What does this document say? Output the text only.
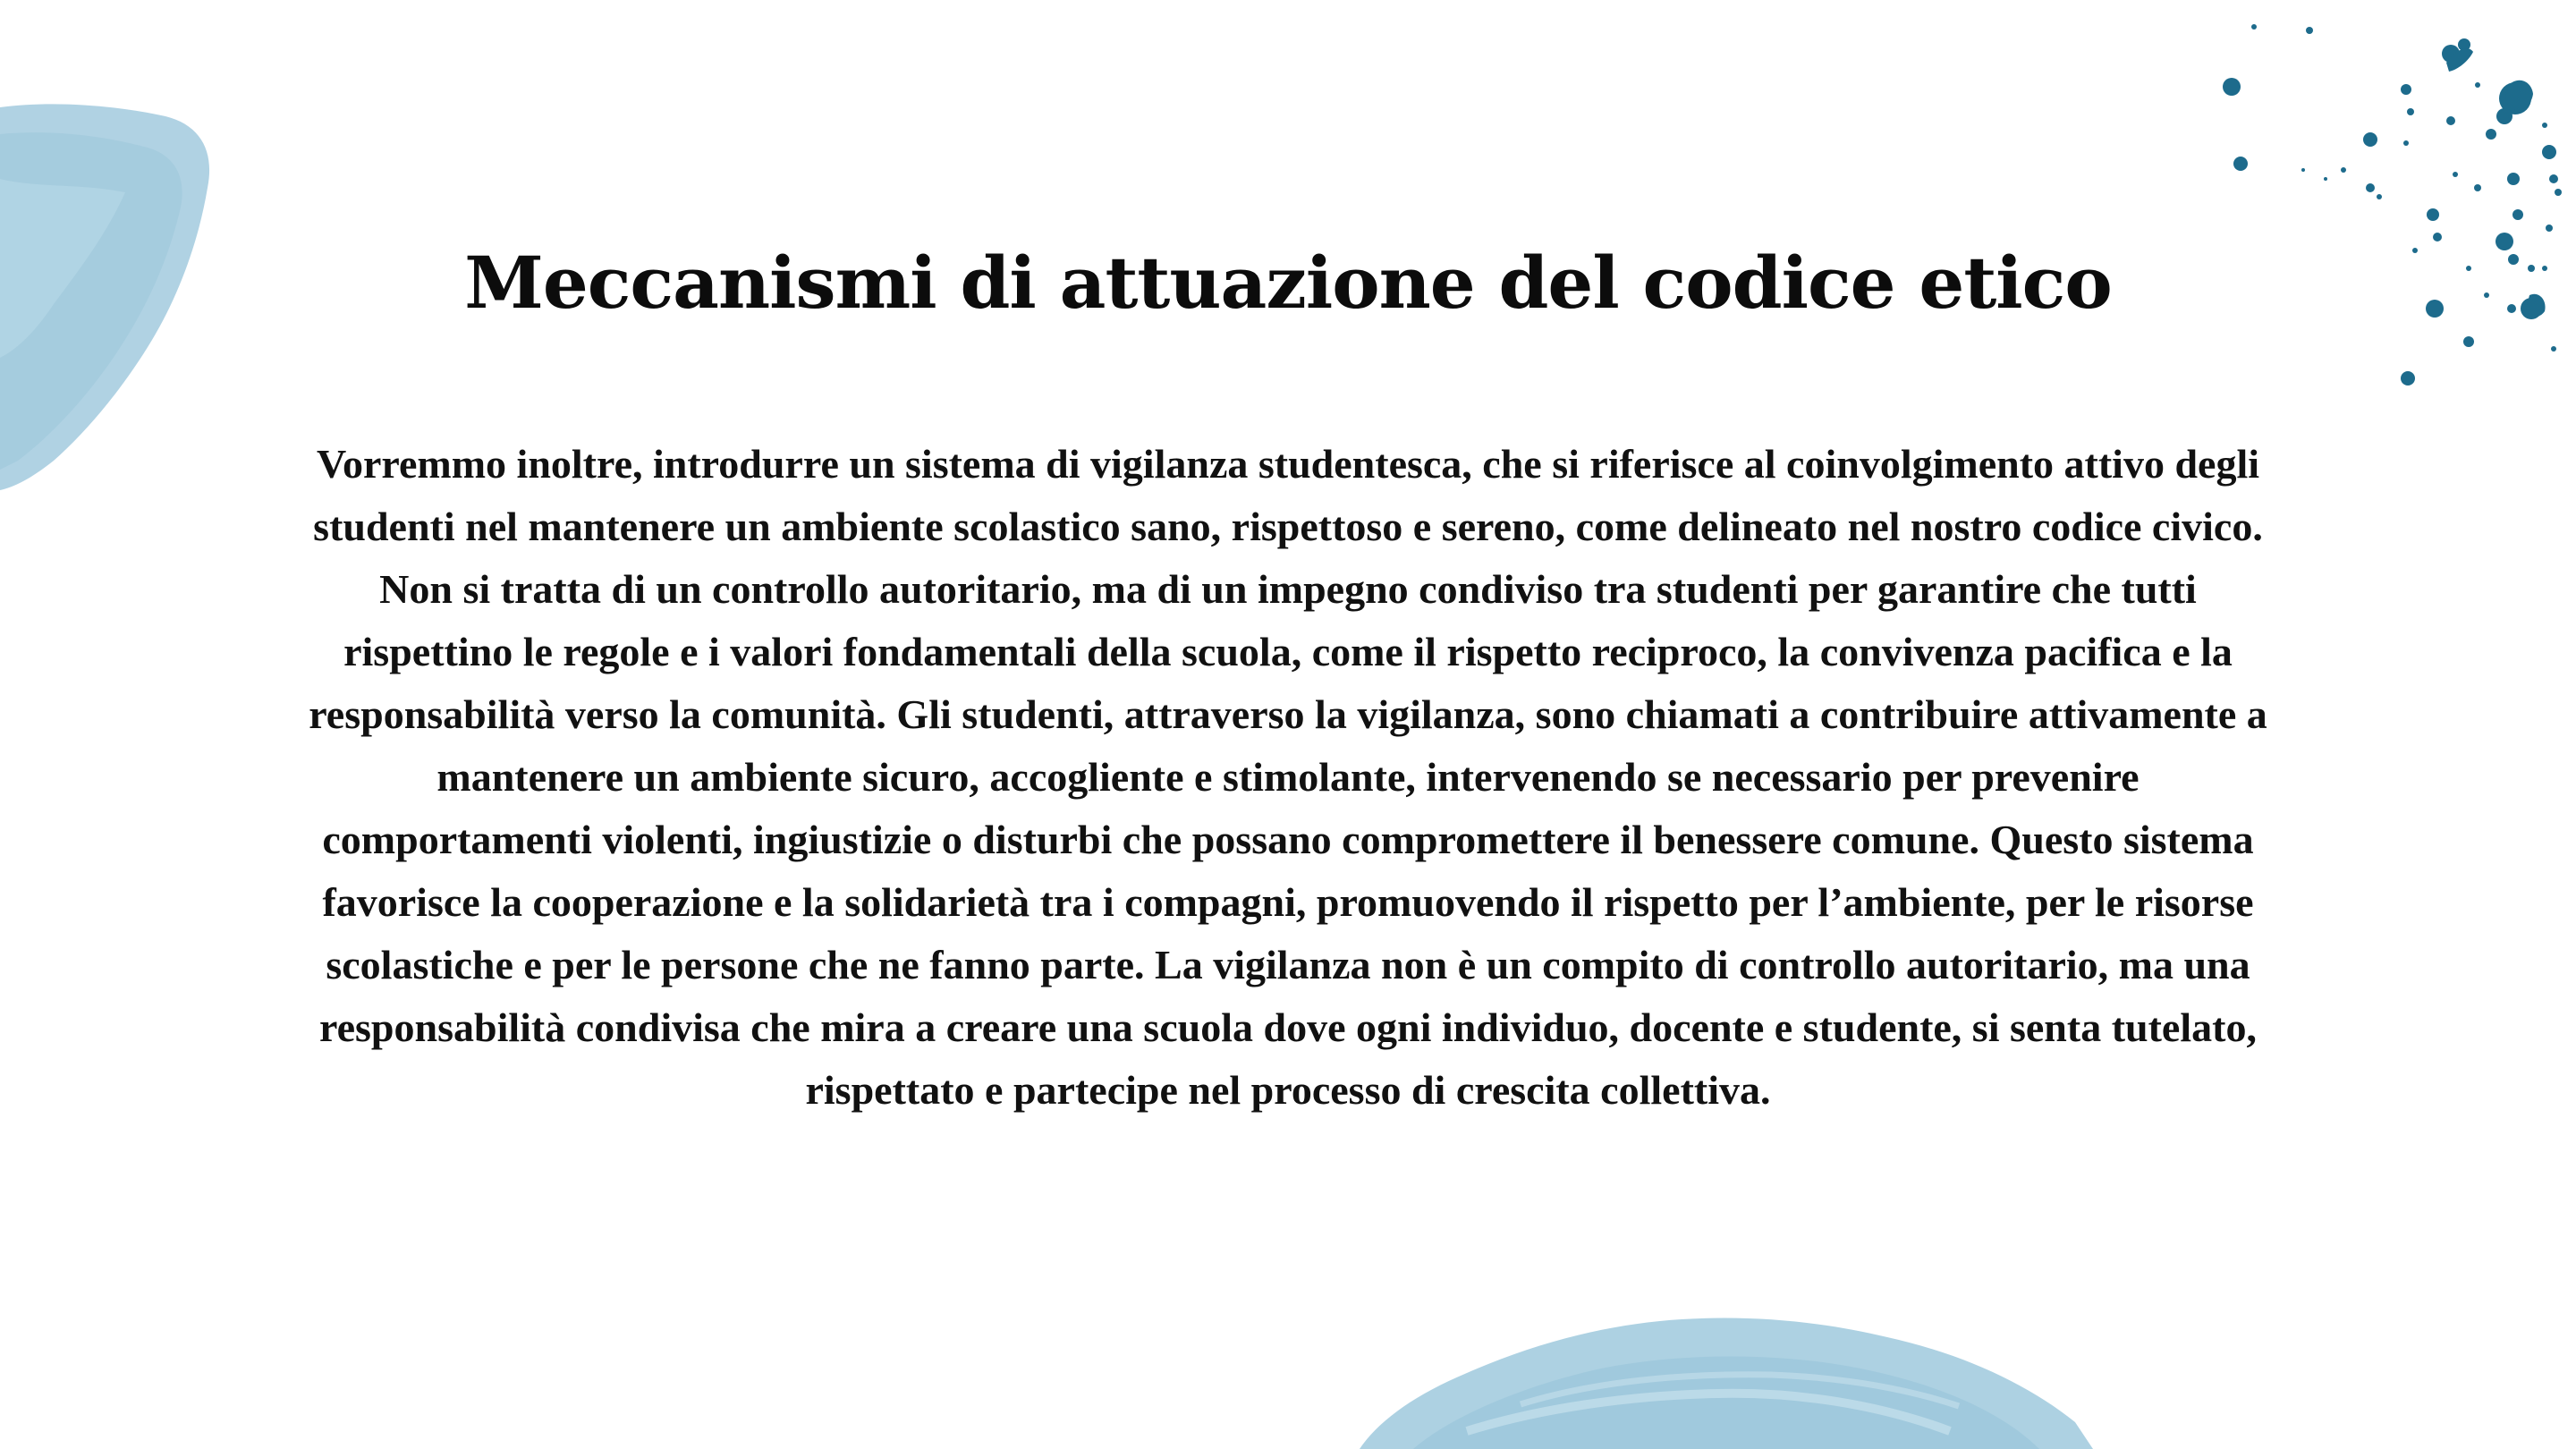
Meccanismi di attuazione del codice etico

Vorremmo inoltre, introdurre un sistema di vigilanza studentesca, che si riferisce al coinvolgimento attivo degli studenti nel mantenere un ambiente scolastico sano, rispettoso e sereno, come delineato nel nostro codice civico. Non si tratta di un controllo autoritario, ma di un impegno condiviso tra studenti per garantire che tutti rispettino le regole e i valori fondamentali della scuola, come il rispetto reciproco, la convivenza pacifica e la responsabilità verso la comunità. Gli studenti, attraverso la vigilanza, sono chiamati a contribuire attivamente a mantenere un ambiente sicuro, accogliente e stimolante, intervenendo se necessario per prevenire comportamenti violenti, ingiustizie o disturbi che possano compromettere il benessere comune. Questo sistema favorisce la cooperazione e la solidarietà tra i compagni, promuovendo il rispetto per l’ambiente, per le risorse scolastiche e per le persone che ne fanno parte. La vigilanza non è un compito di controllo autoritario, ma una responsabilità condivisa che mira a creare una scuola dove ogni individuo, docente e studente, si senta tutelato, rispettato e partecipe nel processo di crescita collettiva.
